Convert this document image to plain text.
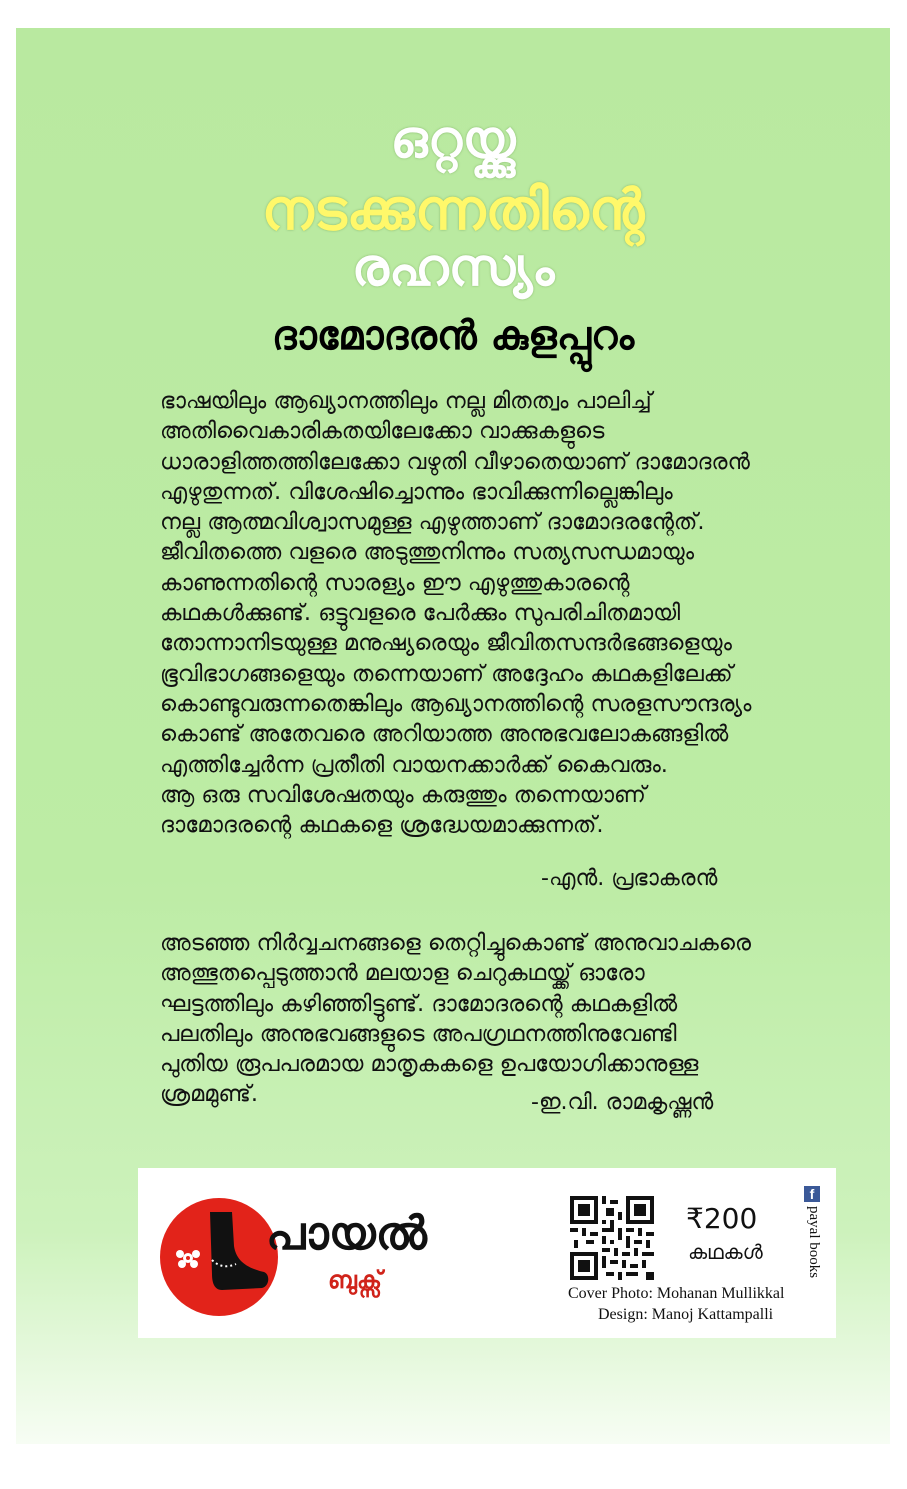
ഒറ്റയ്ക്കു
നടക്കുന്നതിന്റെ
രഹസ്യം
ദാമോദരൻ കുളപ്പുറം

ഭാഷയിലും ആഖ്യാനത്തിലും നല്ല മിതത്വം പാലിച്ച്
അതിവൈകാരികതയിലേക്കോ വാക്കുകളുടെ
ധാരാളിത്തത്തിലേക്കോ വഴുതി വീഴാതെയാണ് ദാമോദരൻ
എഴുതുന്നത്. വിശേഷിച്ചൊന്നും ഭാവിക്കുന്നില്ലെങ്കിലും
നല്ല ആത്മവിശ്വാസമുള്ള എഴുത്താണ് ദാമോദരന്റേത്.
ജീവിതത്തെ വളരെ അടുത്തുനിന്നും സത്യസന്ധമായും
കാണുന്നതിന്റെ സാരള്യം ഈ എഴുത്തുകാരന്റെ
കഥകൾക്കുണ്ട്. ഒട്ടുവളരെ പേർക്കും സുപരിചിതമായി
തോന്നാനിടയുള്ള മനുഷ്യരെയും ജീവിതസന്ദർഭങ്ങളെയും
ഭൂവിഭാഗങ്ങളെയും തന്നെയാണ് അദ്ദേഹം കഥകളിലേക്ക്
കൊണ്ടുവരുന്നതെങ്കിലും ആഖ്യാനത്തിന്റെ സരളസൗന്ദര്യം
കൊണ്ട് അതേവരെ അറിയാത്ത അനുഭവലോകങ്ങളിൽ
എത്തിച്ചേർന്ന പ്രതീതി വായനക്കാർക്ക് കൈവരും.
ആ ഒരു സവിശേഷതയും കരുത്തും തന്നെയാണ്
ദാമോദരന്റെ കഥകളെ ശ്രദ്ധേയമാക്കുന്നത്.

-എൻ. പ്രഭാകരൻ

അടഞ്ഞ നിർവ്വചനങ്ങളെ തെറ്റിച്ചുകൊണ്ട് അനുവാചകരെ
അത്ഭുതപ്പെടുത്താൻ മലയാള ചെറുകഥയ്ക്ക് ഓരോ
ഘട്ടത്തിലും കഴിഞ്ഞിട്ടുണ്ട്. ദാമോദരന്റെ കഥകളിൽ
പലതിലും അനുഭവങ്ങളുടെ അപഗ്രഥനത്തിനുവേണ്ടി
പുതിയ രൂപപരമായ മാതൃകകളെ ഉപയോഗിക്കാനുള്ള
ശ്രമമുണ്ട്.	-ഇ.വി. രാമകൃഷ്ണൻ
പായൽ
ബുക്സ്
₹200
കഥകൾ
Cover Photo: Mohanan Mullikkal
Design: Manoj Kattampalli
f
payal books
